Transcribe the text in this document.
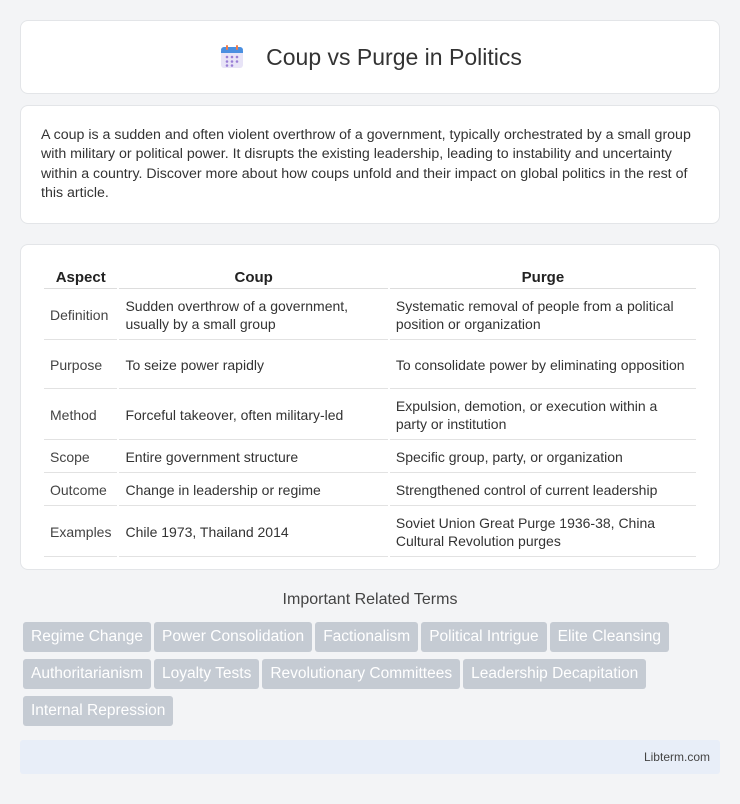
Coup vs Purge in Politics

A coup is a sudden and often violent overthrow of a government, typically orchestrated by a small group with military or political power. It disrupts the existing leadership, leading to instability and uncertainty within a country. Discover more about how coups unfold and their impact on global politics in the rest of this article.

Aspect	Coup	Purge
Definition	Sudden overthrow of a government, usually by a small group	Systematic removal of people from a political position or organization
Purpose	To seize power rapidly	To consolidate power by eliminating opposition
Method	Forceful takeover, often military-led	Expulsion, demotion, or execution within a party or institution
Scope	Entire government structure	Specific group, party, or organization
Outcome	Change in leadership or regime	Strengthened control of current leadership
Examples	Chile 1973, Thailand 2014	Soviet Union Great Purge 1936-38, China Cultural Revolution purges
Important Related Terms
Regime Change Power Consolidation Factionalism Political Intrigue Elite Cleansing
Authoritarianism Loyalty Tests Revolutionary Committees Leadership Decapitation
Internal Repression
Libterm.com
